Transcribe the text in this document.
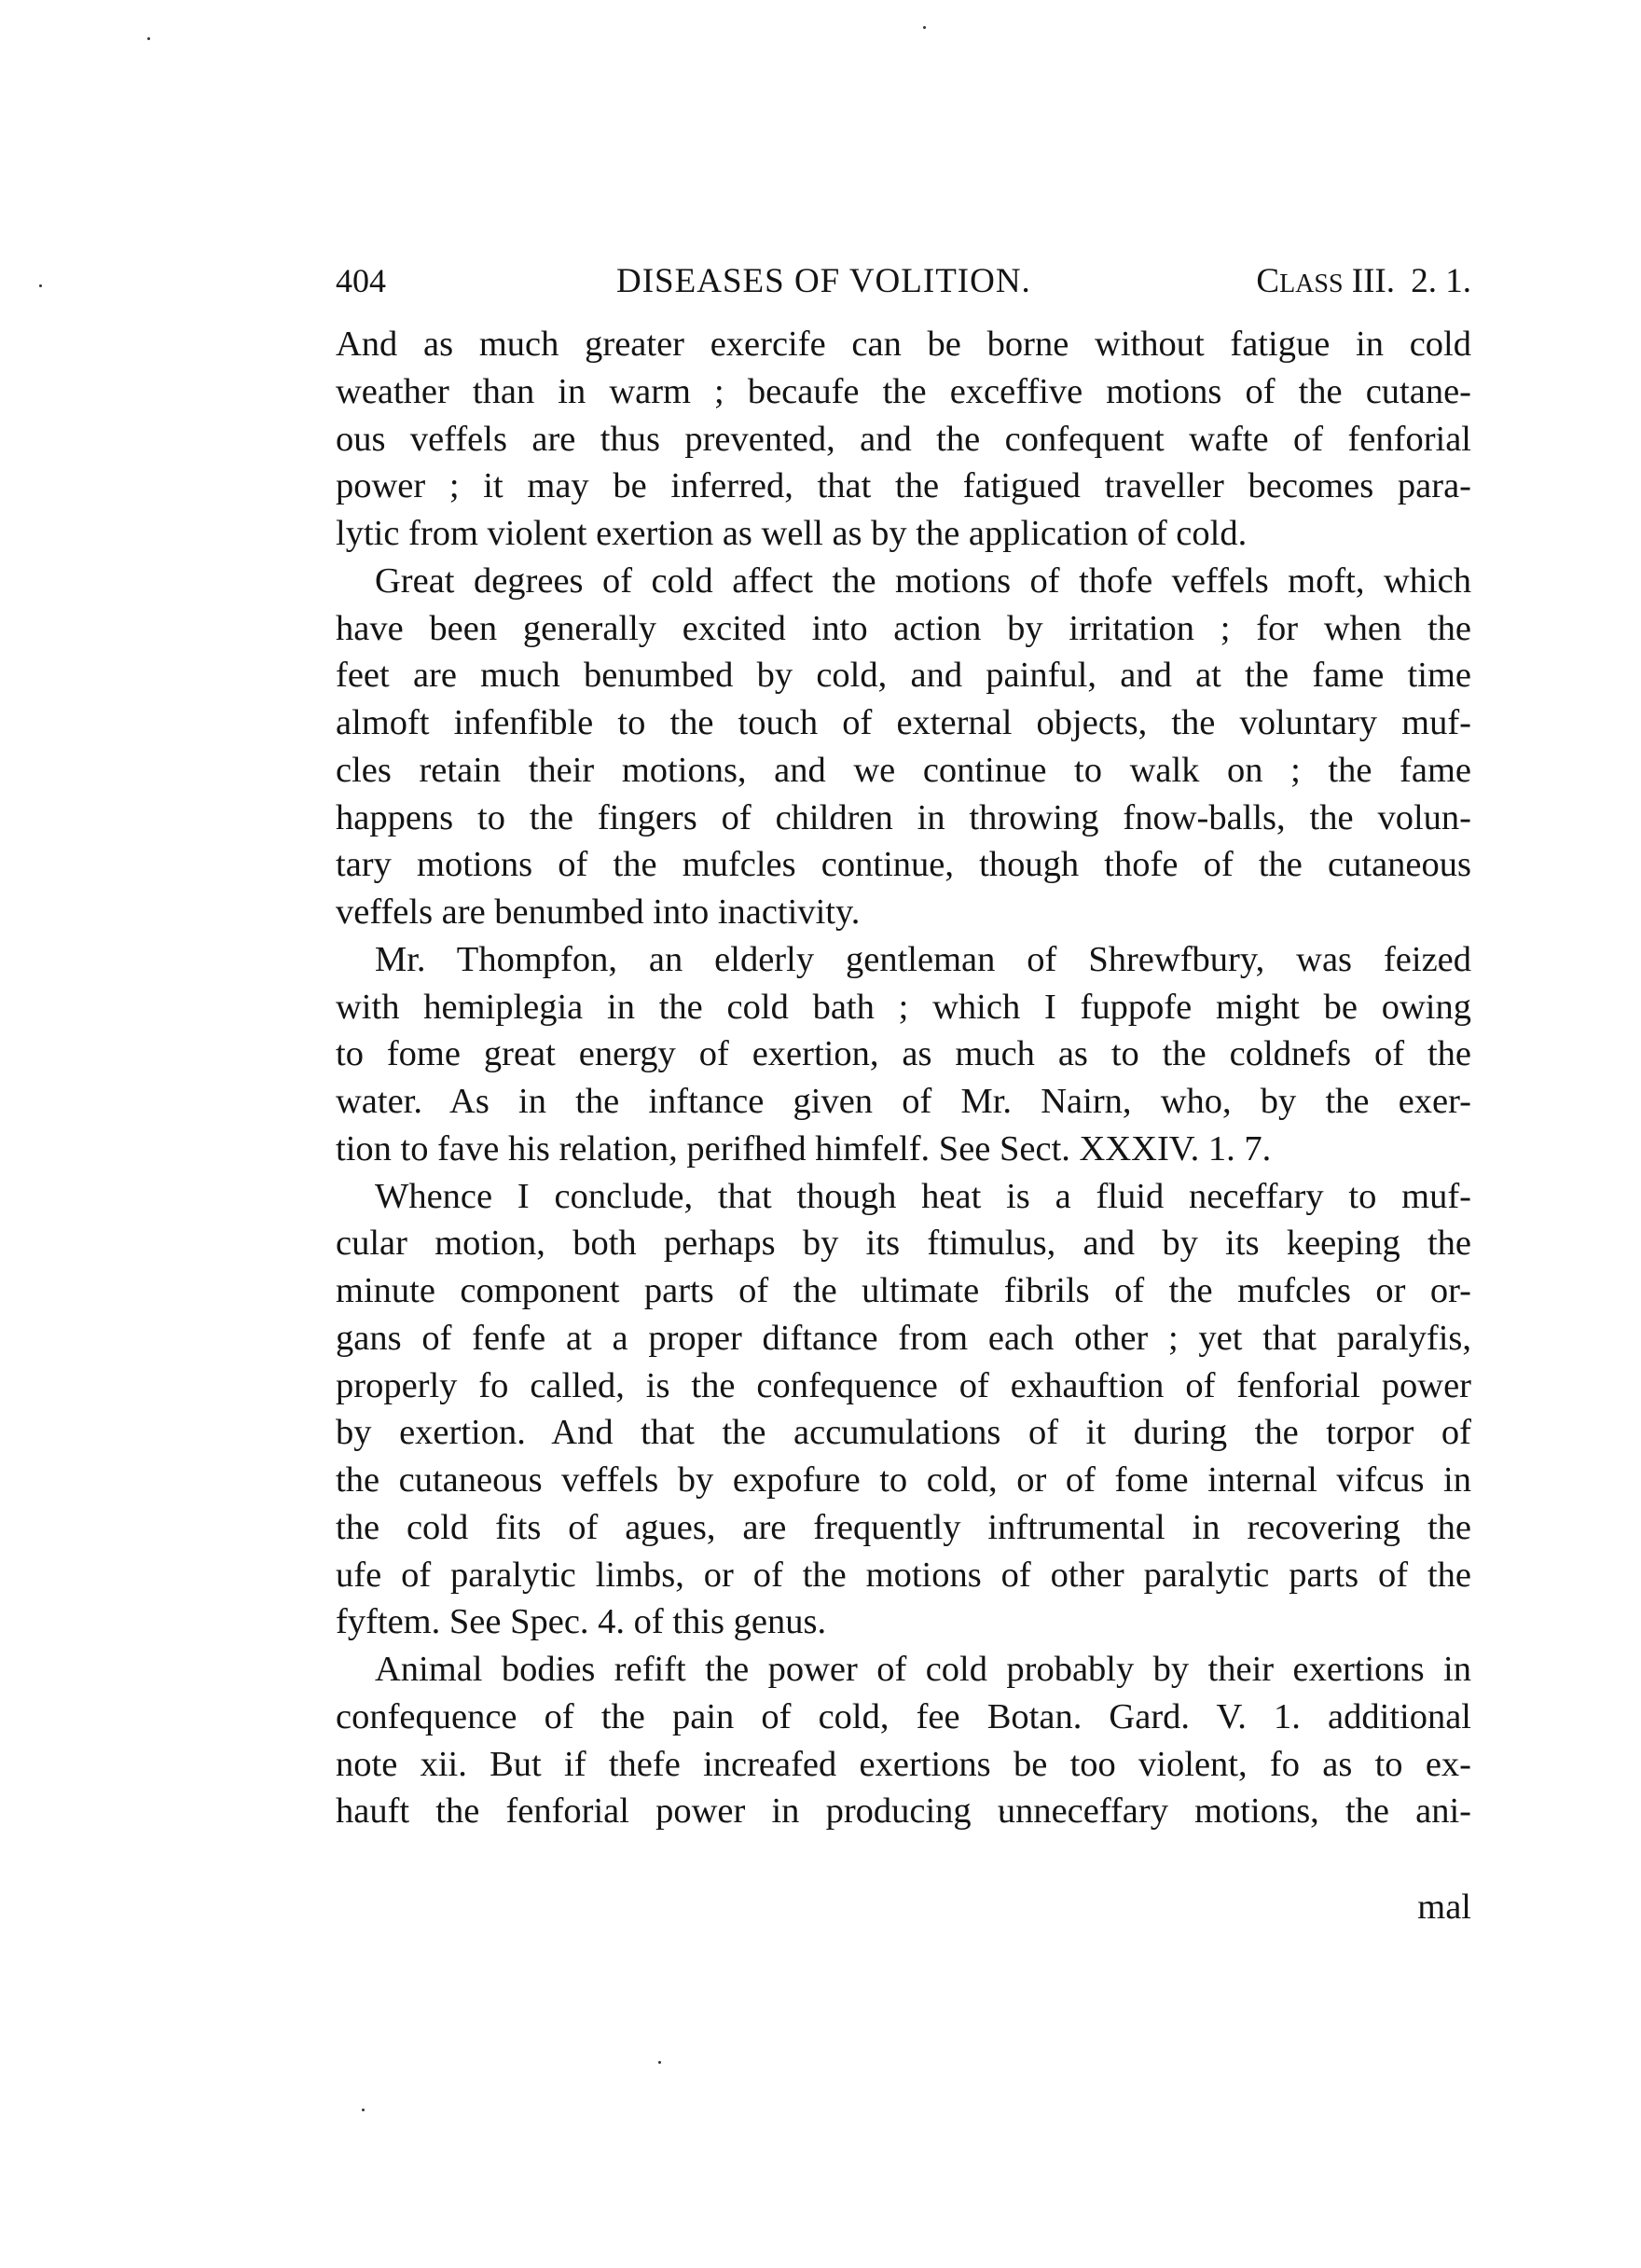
404	DISEASES OF VOLITION.	CLASS III. 2. 1.
And as much greater exercife can be borne without fatigue in cold
weather than in warm ; becaufe the exceffive motions of the cutane-
ous veffels are thus prevented, and the confequent wafte of fenforial
power ; it may be inferred, that the fatigued traveller becomes para-
lytic from violent exertion as well as by the application of cold.
Great degrees of cold affect the motions of thofe veffels moft, which
have been generally excited into action by irritation ; for when the
feet are much benumbed by cold, and painful, and at the fame time
almoft infenfible to the touch of external objects, the voluntary muf-
cles retain their motions, and we continue to walk on ; the fame
happens to the fingers of children in throwing fnow-balls, the volun-
tary motions of the mufcles continue, though thofe of the cutaneous
veffels are benumbed into inactivity.
Mr. Thompfon, an elderly gentleman of Shrewfbury, was feized
with hemiplegia in the cold bath ; which I fuppofe might be owing
to fome great energy of exertion, as much as to the coldnefs of the
water. As in the inftance given of Mr. Nairn, who, by the exer-
tion to fave his relation, perifhed himfelf. See Sect. XXXIV. 1. 7.
Whence I conclude, that though heat is a fluid neceffary to muf-
cular motion, both perhaps by its ftimulus, and by its keeping the
minute component parts of the ultimate fibrils of the mufcles or or-
gans of fenfe at a proper diftance from each other ; yet that paralyfis,
properly fo called, is the confequence of exhauftion of fenforial power
by exertion. And that the accumulations of it during the torpor of
the cutaneous veffels by expofure to cold, or of fome internal vifcus in
the cold fits of agues, are frequently inftrumental in recovering the
ufe of paralytic limbs, or of the motions of other paralytic parts of the
fyftem. See Spec. 4. of this genus.
Animal bodies refift the power of cold probably by their exertions in
confequence of the pain of cold, fee Botan. Gard. V. 1. additional
note xii. But if thefe increafed exertions be too violent, fo as to ex-
hauft the fenforial power in producing unneceffary motions, the ani-
mal
